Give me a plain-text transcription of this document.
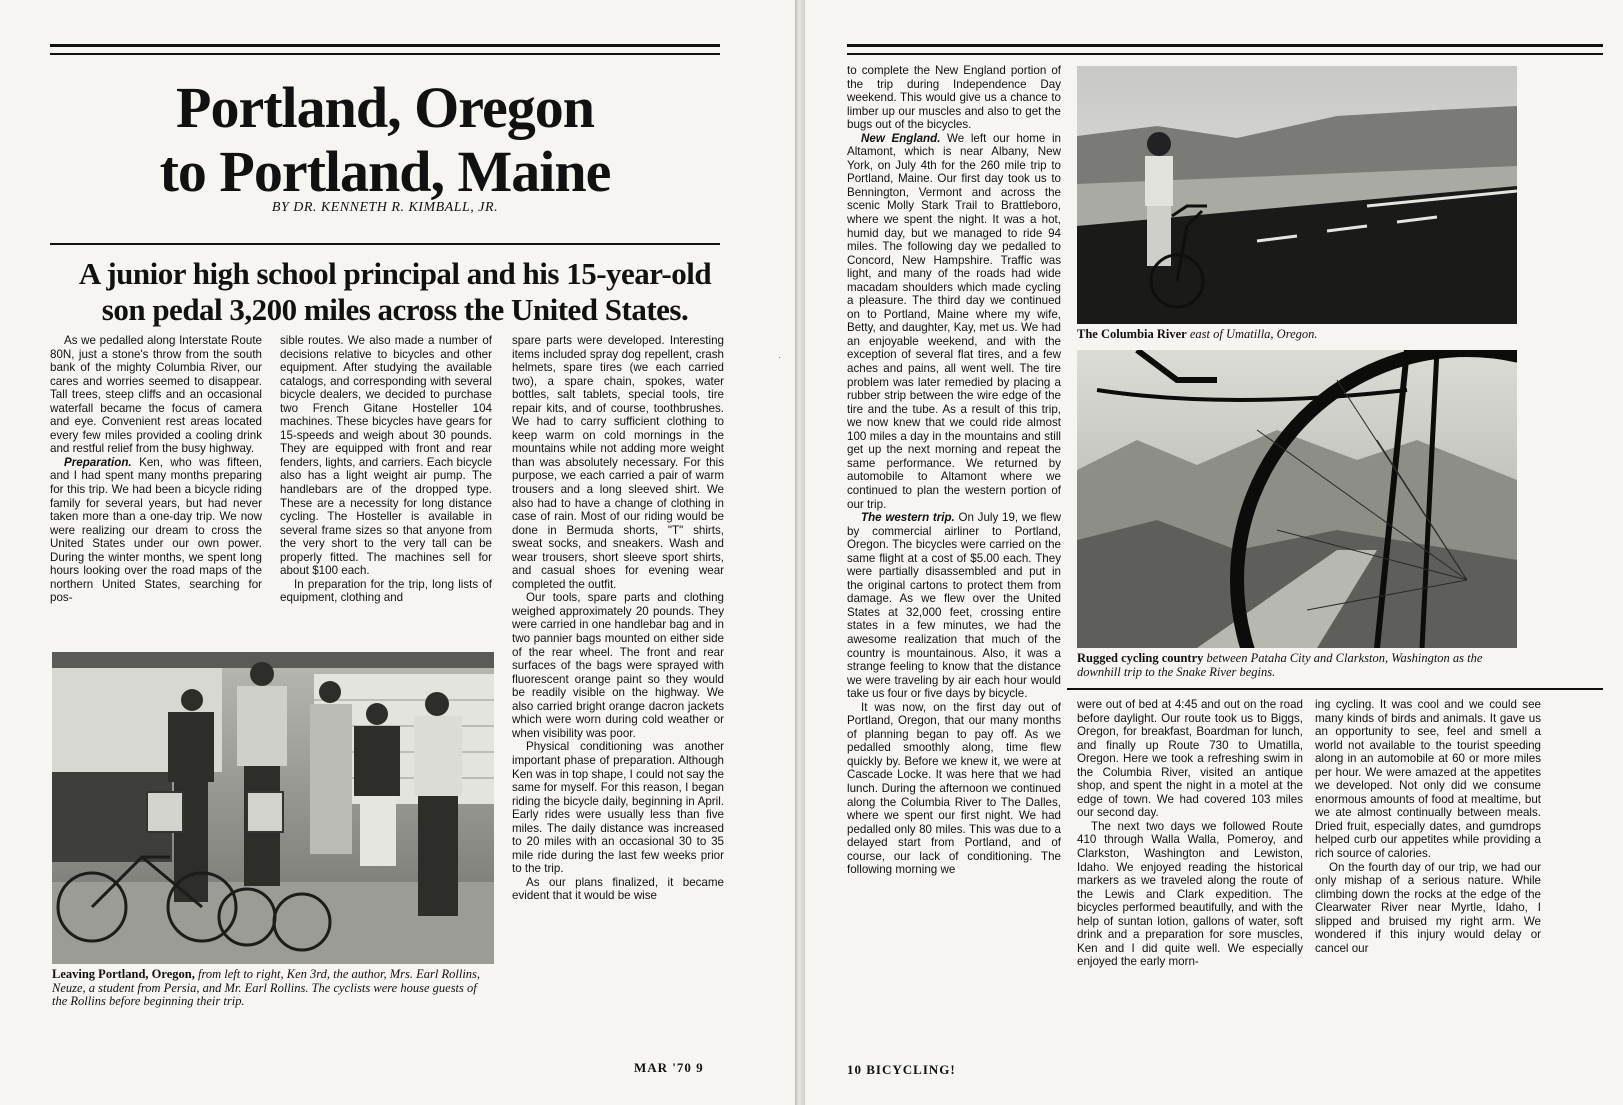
Portland, Oregon
to Portland, Maine
BY DR. KENNETH R. KIMBALL, JR.
A junior high school principal and his 15-year-old
son pedal 3,200 miles across the United States.

As we pedalled along Interstate Route 80N, just a stone's throw from the south bank of the mighty Columbia River, our cares and worries seemed to disappear. Tall trees, steep cliffs and an occasional waterfall became the focus of camera and eye. Convenient rest areas located every few miles provided a cooling drink and restful relief from the busy highway.

Preparation. Ken, who was fifteen, and I had spent many months preparing for this trip. We had been a bicycle riding family for several years, but had never taken more than a one-day trip. We now were realizing our dream to cross the United States under our own power. During the winter months, we spent long hours looking over the road maps of the northern United States, searching for pos-

sible routes. We also made a number of decisions relative to bicycles and other equipment. After studying the available catalogs, and corresponding with several bicycle dealers, we decided to purchase two French Gitane Hosteller 104 machines. These bicycles have gears for 15-speeds and weigh about 30 pounds. They are equipped with front and rear fenders, lights, and carriers. Each bicycle also has a light weight air pump. The handlebars are of the dropped type. These are a necessity for long distance cycling. The Hosteller is available in several frame sizes so that anyone from the very short to the very tall can be properly fitted. The machines sell for about $100 each.

In preparation for the trip, long lists of equipment, clothing and

spare parts were developed. Interesting items included spray dog repellent, crash helmets, spare tires (we each carried two), a spare chain, spokes, water bottles, salt tablets, special tools, tire repair kits, and of course, toothbrushes. We had to carry sufficient clothing to keep warm on cold mornings in the mountains while not adding more weight than was absolutely necessary. For this purpose, we each carried a pair of warm trousers and a long sleeved shirt. We also had to have a change of clothing in case of rain. Most of our riding would be done in Bermuda shorts, "T" shirts, sweat socks, and sneakers. Wash and wear trousers, short sleeve sport shirts, and casual shoes for evening wear completed the outfit.

Our tools, spare parts and clothing weighed approximately 20 pounds. They were carried in one handlebar bag and in two pannier bags mounted on either side of the rear wheel. The front and rear surfaces of the bags were sprayed with fluorescent orange paint so they would be readily visible on the highway. We also carried bright orange dacron jackets which were worn during cold weather or when visibility was poor.

Physical conditioning was another important phase of preparation. Although Ken was in top shape, I could not say the same for myself. For this reason, I began riding the bicycle daily, beginning in April. Early rides were usually less than five miles. The daily distance was increased to 20 miles with an occasional 30 to 35 mile ride during the last few weeks prior to the trip.

As our plans finalized, it became evident that it would be wise

·
Leaving Portland, Oregon, from left to right, Ken 3rd, the author, Mrs. Earl Rollins, Neuze, a student from Persia, and Mr. Earl Rollins. The cyclists were house guests of the Rollins before beginning their trip.
MAR '70 9

to complete the New England portion of the trip during Independence Day weekend. This would give us a chance to limber up our muscles and also to get the bugs out of the bicycles.

New England. We left our home in Altamont, which is near Albany, New York, on July 4th for the 260 mile trip to Portland, Maine. Our first day took us to Bennington, Vermont and across the scenic Molly Stark Trail to Brattleboro, where we spent the night. It was a hot, humid day, but we managed to ride 94 miles. The following day we pedalled to Concord, New Hampshire. Traffic was light, and many of the roads had wide macadam shoulders which made cycling a pleasure. The third day we continued on to Portland, Maine where my wife, Betty, and daughter, Kay, met us. We had an enjoyable weekend, and with the exception of several flat tires, and a few aches and pains, all went well. The tire problem was later remedied by placing a rubber strip between the wire edge of the tire and the tube. As a result of this trip, we now knew that we could ride almost 100 miles a day in the mountains and still get up the next morning and repeat the same performance. We returned by automobile to Altamont where we continued to plan the western portion of our trip.

The western trip. On July 19, we flew by commercial airliner to Portland, Oregon. The bicycles were carried on the same flight at a cost of $5.00 each. They were partially disassembled and put in the original cartons to protect them from damage. As we flew over the United States at 32,000 feet, crossing entire states in a few minutes, we had the awesome realization that much of the country is mountainous. Also, it was a strange feeling to know that the distance we were traveling by air each hour would take us four or five days by bicycle.

It was now, on the first day out of Portland, Oregon, that our many months of planning began to pay off. As we pedalled smoothly along, time flew quickly by. Before we knew it, we were at Cascade Locke. It was here that we had lunch. During the afternoon we continued along the Columbia River to The Dalles, where we spent our first night. We had pedalled only 80 miles. This was due to a delayed start from Portland, and of course, our lack of conditioning. The following morning we

The Columbia River east of Umatilla, Oregon.
Rugged cycling country between Pataha City and Clarkston, Washington as the downhill trip to the Snake River begins.

were out of bed at 4:45 and out on the road before daylight. Our route took us to Biggs, Oregon, for breakfast, Boardman for lunch, and finally up Route 730 to Umatilla, Oregon. Here we took a refreshing swim in the Columbia River, visited an antique shop, and spent the night in a motel at the edge of town. We had covered 103 miles our second day.

The next two days we followed Route 410 through Walla Walla, Pomeroy, and Clarkston, Washington and Lewiston, Idaho. We enjoyed reading the historical markers as we traveled along the route of the Lewis and Clark expedition. The bicycles performed beautifully, and with the help of suntan lotion, gallons of water, soft drink and a preparation for sore muscles, Ken and I did quite well. We especially enjoyed the early morn-

ing cycling. It was cool and we could see many kinds of birds and animals. It gave us an opportunity to see, feel and smell a world not available to the tourist speeding along in an automobile at 60 or more miles per hour. We were amazed at the appetites we developed. Not only did we consume enormous amounts of food at mealtime, but we ate almost continually between meals. Dried fruit, especially dates, and gumdrops helped curb our appetites while providing a rich source of calories.

On the fourth day of our trip, we had our only mishap of a serious nature. While climbing down the rocks at the edge of the Clearwater River near Myrtle, Idaho, I slipped and bruised my right arm. We wondered if this injury would delay or cancel our

10 BICYCLING!
